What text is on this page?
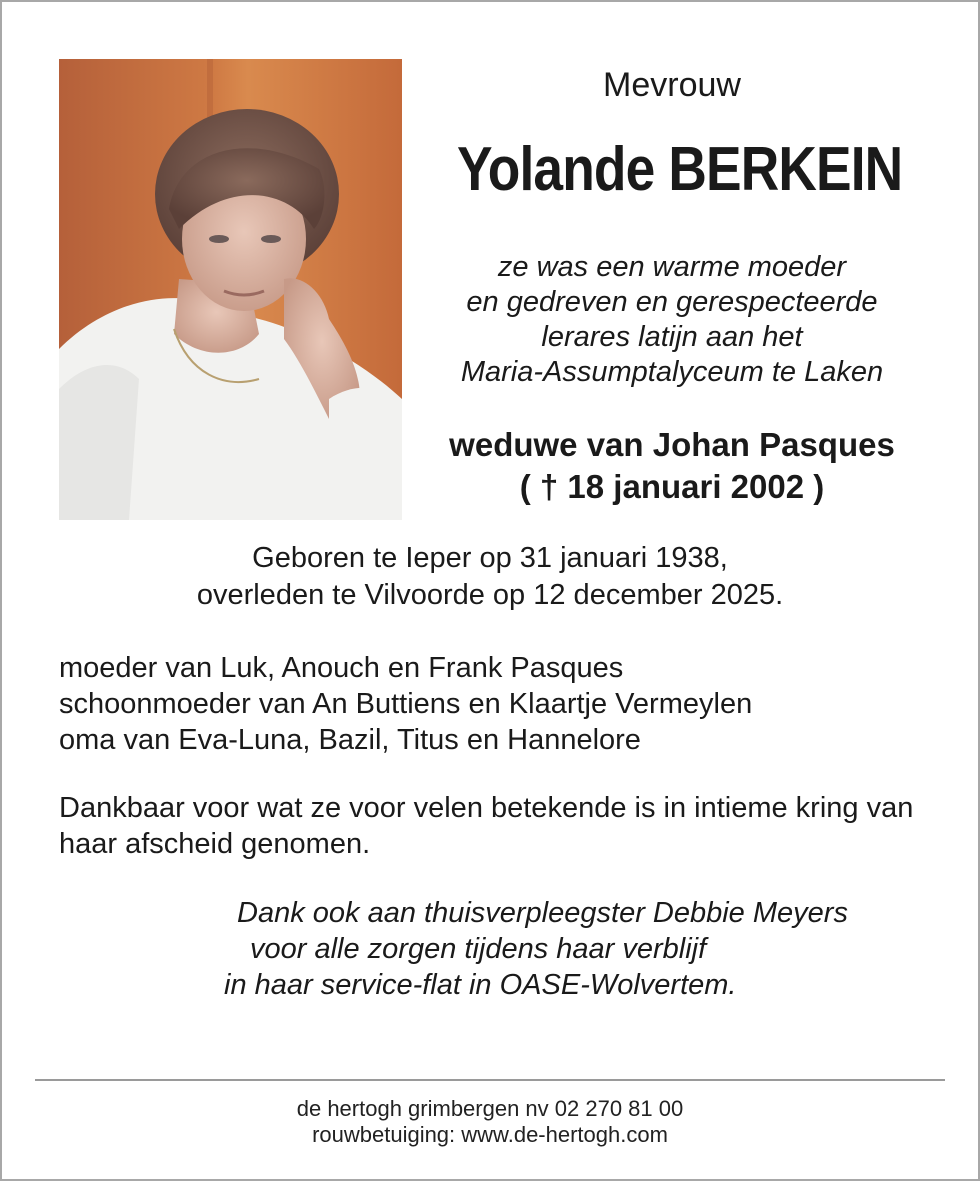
Mevrouw
Yolande BERKEIN
ze was een warme moeder
en gedreven en gerespecteerde
lerares latijn aan het
Maria-Assumptalyceum te Laken
weduwe van Johan Pasques
( † 18 januari 2002 )
Geboren te Ieper op 31 januari 1938,
overleden te Vilvoorde op 12 december 2025.
moeder van Luk, Anouch en Frank Pasques
schoonmoeder van An Buttiens en Klaartje Vermeylen
oma van Eva-Luna, Bazil, Titus en Hannelore
Dankbaar voor wat ze voor velen betekende is in intieme kring van haar afscheid genomen.
Dank ook aan thuisverpleegster Debbie Meyers
voor alle zorgen tijdens haar verblijf
in haar service-flat in OASE-Wolvertem.
de hertogh grimbergen nv 02 270 81 00
rouwbetuiging: www.de-hertogh.com
